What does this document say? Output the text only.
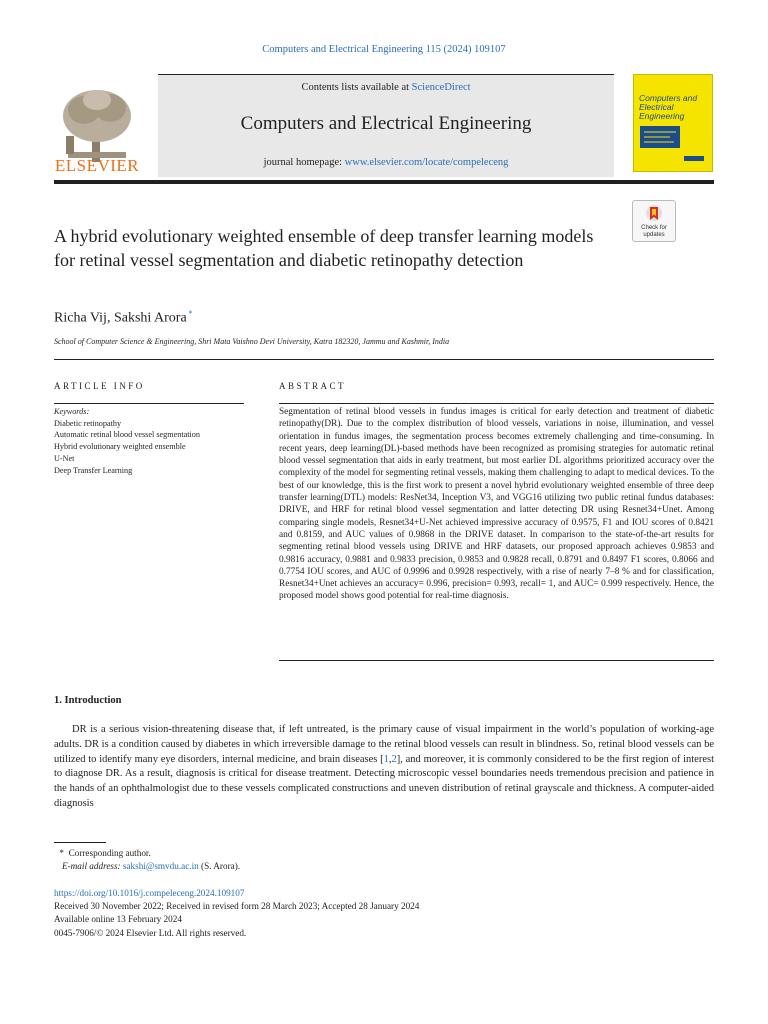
Computers and Electrical Engineering 115 (2024) 109107
ELSEVIER
Contents lists available at ScienceDirect
Computers and Electrical Engineering
journal homepage: www.elsevier.com/locate/compeleceng
Computers and Electrical Engineering
Check for updates
A hybrid evolutionary weighted ensemble of deep transfer learning models for retinal vessel segmentation and diabetic retinopathy detection
Richa Vij, Sakshi Arora *
School of Computer Science & Engineering, Shri Mata Vaishno Devi University, Katra 182320, Jammu and Kashmir, India
ARTICLE INFO
Keywords:
Diabetic retinopathy
Automatic retinal blood vessel segmentation
Hybrid evolutionary weighted ensemble
U-Net
Deep Transfer Learning
ABSTRACT
Segmentation of retinal blood vessels in fundus images is critical for early detection and treatment of diabetic retinopathy(DR). Due to the complex distribution of blood vessels, variations in noise, illumination, and vessel orientation in fundus images, the segmentation process becomes extremely challenging and time-consuming. In recent years, deep learning(DL)-based methods have been recognized as promising strategies for automatic retinal blood vessel segmentation that aids in early treatment, but most earlier DL algorithms prioritized accuracy over the complexity of the model for segmenting retinal vessels, making them challenging to adapt to medical devices. To the best of our knowledge, this is the first work to present a novel hybrid evolutionary weighted ensemble of three deep transfer learning(DTL) models: ResNet34, Inception V3, and VGG16 utilizing two public retinal fundus databases: DRIVE, and HRF for retinal blood vessel segmentation and latter detecting DR using Resnet34+Unet. Among comparing single models, Resnet34+U-Net achieved impressive accuracy of 0.9575, F1 and IOU scores of 0.8421 and 0.8159, and AUC values of 0.9868 in the DRIVE dataset. In comparison to the state-of-the-art results for segmenting retinal blood vessels using DRIVE and HRF datasets, our proposed approach achieves 0.9853 and 0.9816 accuracy, 0.9881 and 0.9833 precision, 0.9853 and 0.9828 recall, 0.8791 and 0.8497 F1 scores, 0.8066 and 0.7754 IOU scores, and AUC of 0.9996 and 0.9928 respectively, with a rise of nearly 7–8 % and for classification, Resnet34+Unet achieves an accuracy= 0.996, precision= 0.993, recall= 1, and AUC= 0.999 respectively. Hence, the proposed model shows good potential for real-time diagnosis.
1. Introduction
DR is a serious vision-threatening disease that, if left untreated, is the primary cause of visual impairment in the world’s population of working-age adults. DR is a condition caused by diabetes in which irreversible damage to the retinal blood vessels can result in blindness. So, retinal blood vessels can be utilized to identify many eye disorders, internal medicine, and brain diseases [1,2], and moreover, it is commonly considered to be the first region of interest to diagnose DR. As a result, diagnosis is critical for disease treatment. Detecting microscopic vessel boundaries needs tremendous precision and patience in the hands of an ophthalmologist due to these vessels complicated constructions and uneven distribution of retinal grayscale and thickness. A computer-aided diagnosis
* Corresponding author.
E-mail address: sakshi@smvdu.ac.in (S. Arora).
https://doi.org/10.1016/j.compeleceng.2024.109107
Received 30 November 2022; Received in revised form 28 March 2023; Accepted 28 January 2024
Available online 13 February 2024
0045-7906/© 2024 Elsevier Ltd. All rights reserved.
